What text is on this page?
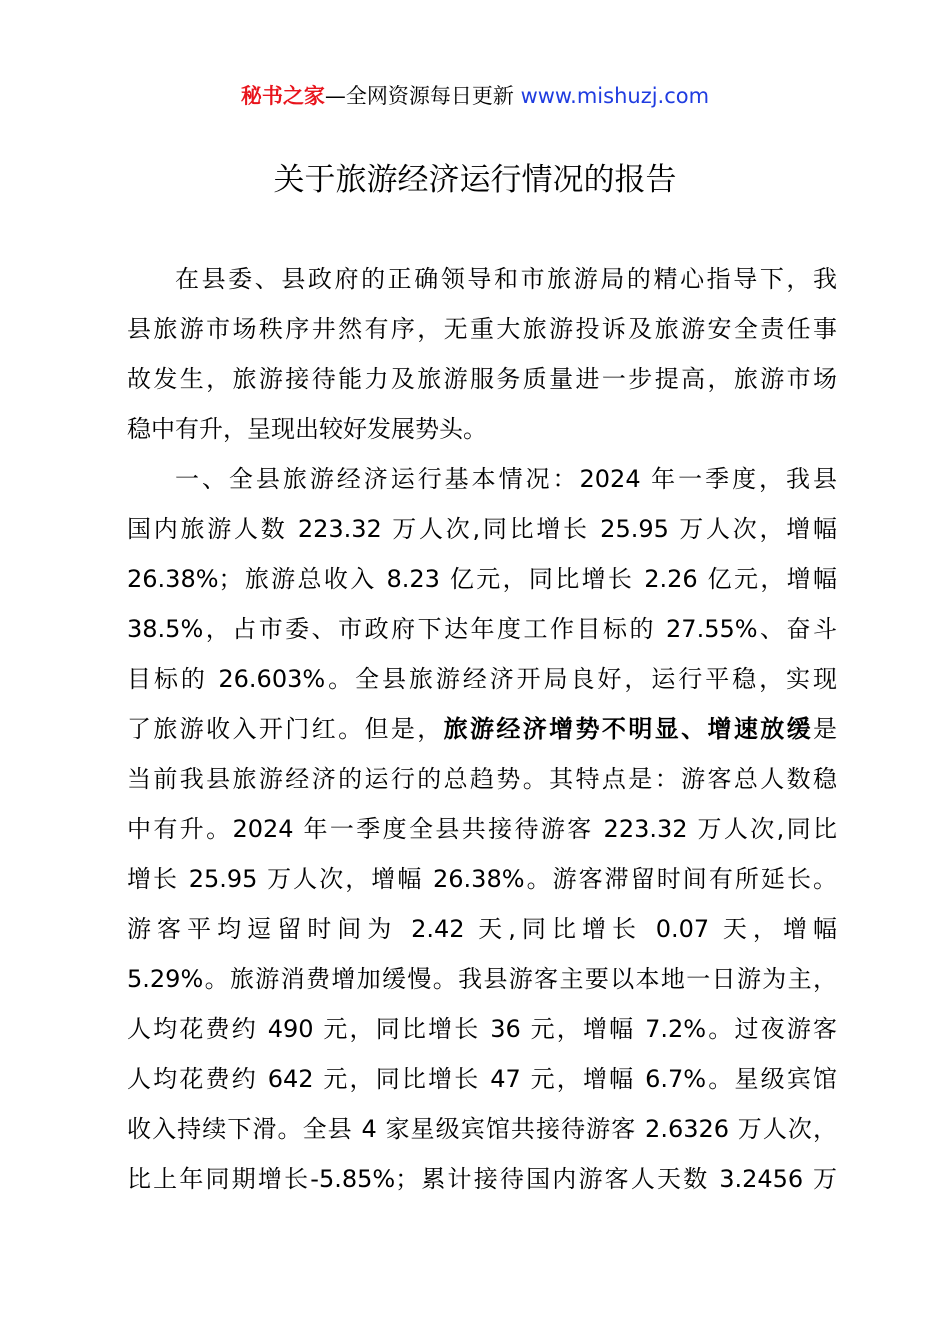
秘书之家—全网资源每日更新 www.mishuzj.com
关于旅游经济运行情况的报告
在县委、县政府的正确领导和市旅游局的精心指导下，我
县旅游市场秩序井然有序，无重大旅游投诉及旅游安全责任事
故发生，旅游接待能力及旅游服务质量进一步提高，旅游市场
稳中有升，呈现出较好发展势头。
一、全县旅游经济运行基本情况：2024 年一季度，我县
国内旅游人数 223.32 万人次,同比增长 25.95 万人次，增幅
26.38%；旅游总收入 8.23 亿元，同比增长 2.26 亿元，增幅
38.5%，占市委、市政府下达年度工作目标的 27.55%、奋斗
目标的 26.603%。全县旅游经济开局良好，运行平稳，实现
了旅游收入开门红。但是，旅游经济增势不明显、增速放缓是
当前我县旅游经济的运行的总趋势。其特点是：游客总人数稳
中有升。2024 年一季度全县共接待游客 223.32 万人次,同比
增长 25.95 万人次，增幅 26.38%。游客滞留时间有所延长。
游客平均逗留时间为 2.42 天,同比增长 0.07 天，增幅
5.29%。旅游消费增加缓慢。我县游客主要以本地一日游为主，
人均花费约 490 元，同比增长 36 元，增幅 7.2%。过夜游客
人均花费约 642 元，同比增长 47 元，增幅 6.7%。星级宾馆
收入持续下滑。全县 4 家星级宾馆共接待游客 2.6326 万人次，
比上年同期增长-5.85%；累计接待国内游客人天数 3.2456 万
